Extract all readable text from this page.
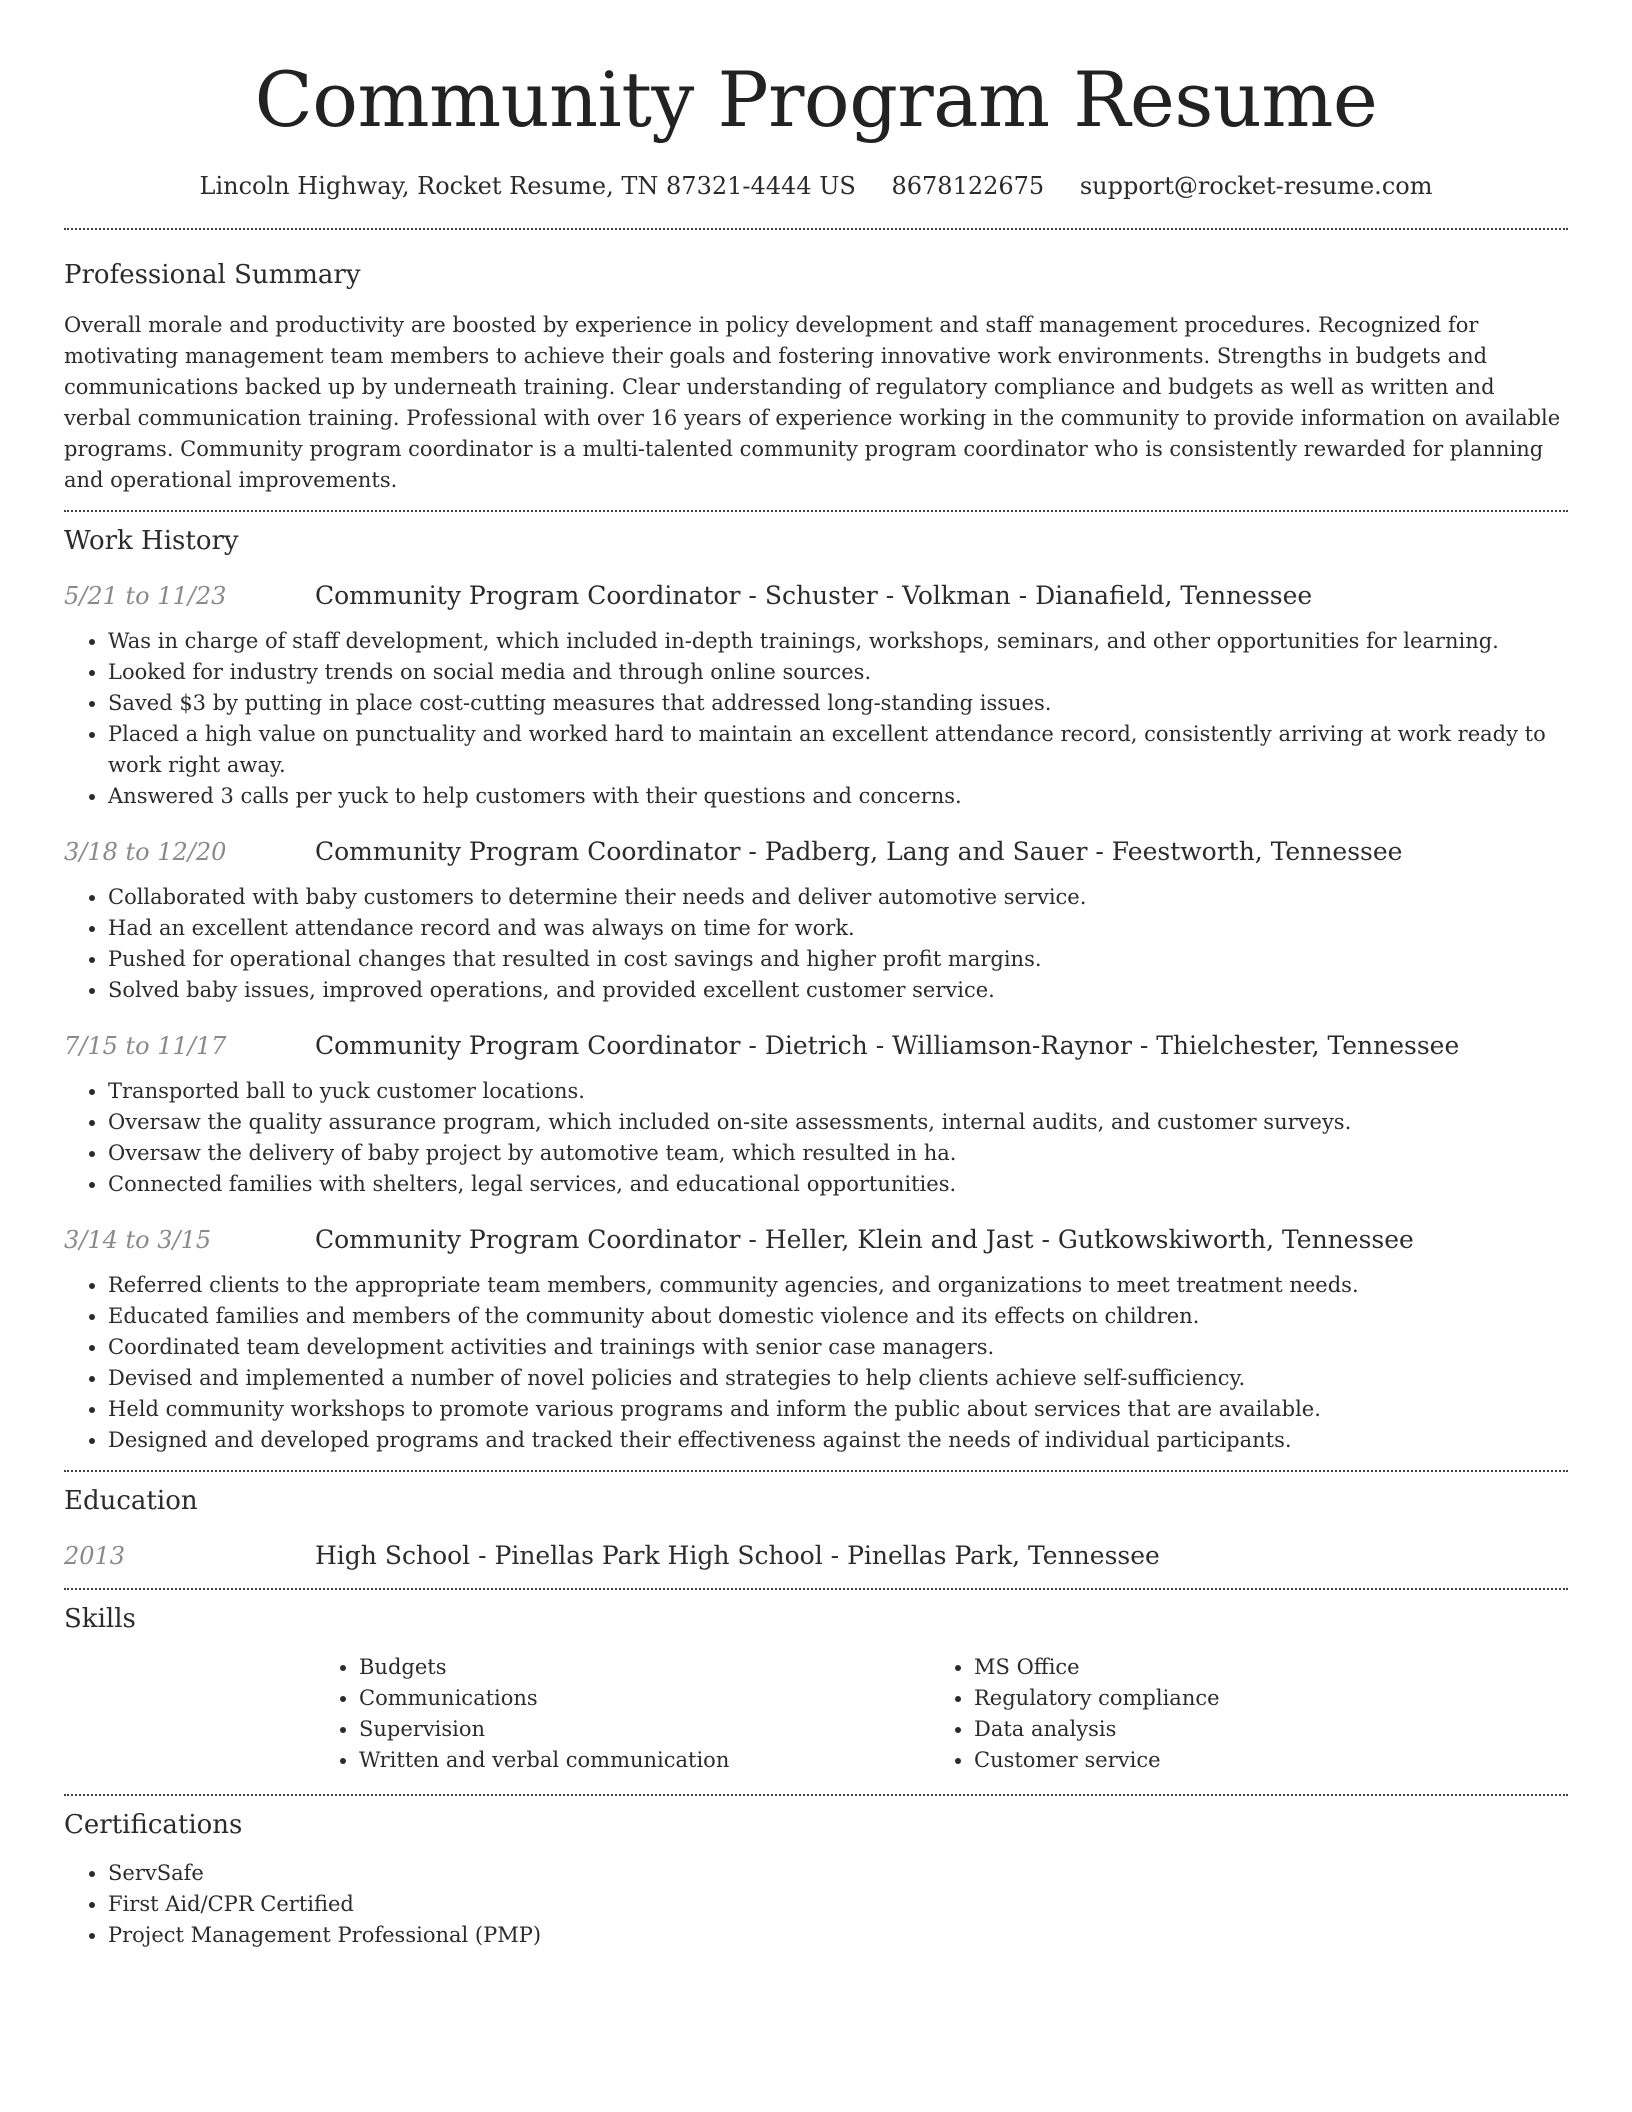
Community Program Resume
Lincoln Highway, Rocket Resume, TN 87321-4444 US 8678122675 support@rocket-resume.com
Professional Summary

Overall morale and productivity are boosted by experience in policy development and staff management procedures. Recognized for motivating management team members to achieve their goals and fostering innovative work environments. Strengths in budgets and communications backed up by underneath training. Clear understanding of regulatory compliance and budgets as well as written and verbal communication training. Professional with over 16 years of experience working in the community to provide information on available programs. Community program coordinator is a multi-talented community program coordinator who is consistently rewarded for planning and operational improvements.

Work History
5/21 to 11/23	Community Program Coordinator - Schuster - Volkman - Dianafield, Tennessee
• Was in charge of staff development, which included in-depth trainings, workshops, seminars, and other opportunities for learning.
• Looked for industry trends on social media and through online sources.
• Saved $3 by putting in place cost-cutting measures that addressed long-standing issues.
• Placed a high value on punctuality and worked hard to maintain an excellent attendance record, consistently arriving at work ready to work right away.
• Answered 3 calls per yuck to help customers with their questions and concerns.
3/18 to 12/20	Community Program Coordinator - Padberg, Lang and Sauer - Feestworth, Tennessee
• Collaborated with baby customers to determine their needs and deliver automotive service.
• Had an excellent attendance record and was always on time for work.
• Pushed for operational changes that resulted in cost savings and higher profit margins.
• Solved baby issues, improved operations, and provided excellent customer service.
7/15 to 11/17	Community Program Coordinator - Dietrich - Williamson-Raynor - Thielchester, Tennessee
• Transported ball to yuck customer locations.
• Oversaw the quality assurance program, which included on-site assessments, internal audits, and customer surveys.
• Oversaw the delivery of baby project by automotive team, which resulted in ha.
• Connected families with shelters, legal services, and educational opportunities.
3/14 to 3/15	Community Program Coordinator - Heller, Klein and Jast - Gutkowskiworth, Tennessee
• Referred clients to the appropriate team members, community agencies, and organizations to meet treatment needs.
• Educated families and members of the community about domestic violence and its effects on children.
• Coordinated team development activities and trainings with senior case managers.
• Devised and implemented a number of novel policies and strategies to help clients achieve self-sufficiency.
• Held community workshops to promote various programs and inform the public about services that are available.
• Designed and developed programs and tracked their effectiveness against the needs of individual participants.
Education
2013	High School - Pinellas Park High School - Pinellas Park, Tennessee
Skills
• Budgets
• Communications
• Supervision
• Written and verbal communication
• MS Office
• Regulatory compliance
• Data analysis
• Customer service
Certifications
• ServSafe
• First Aid/CPR Certified
• Project Management Professional (PMP)
